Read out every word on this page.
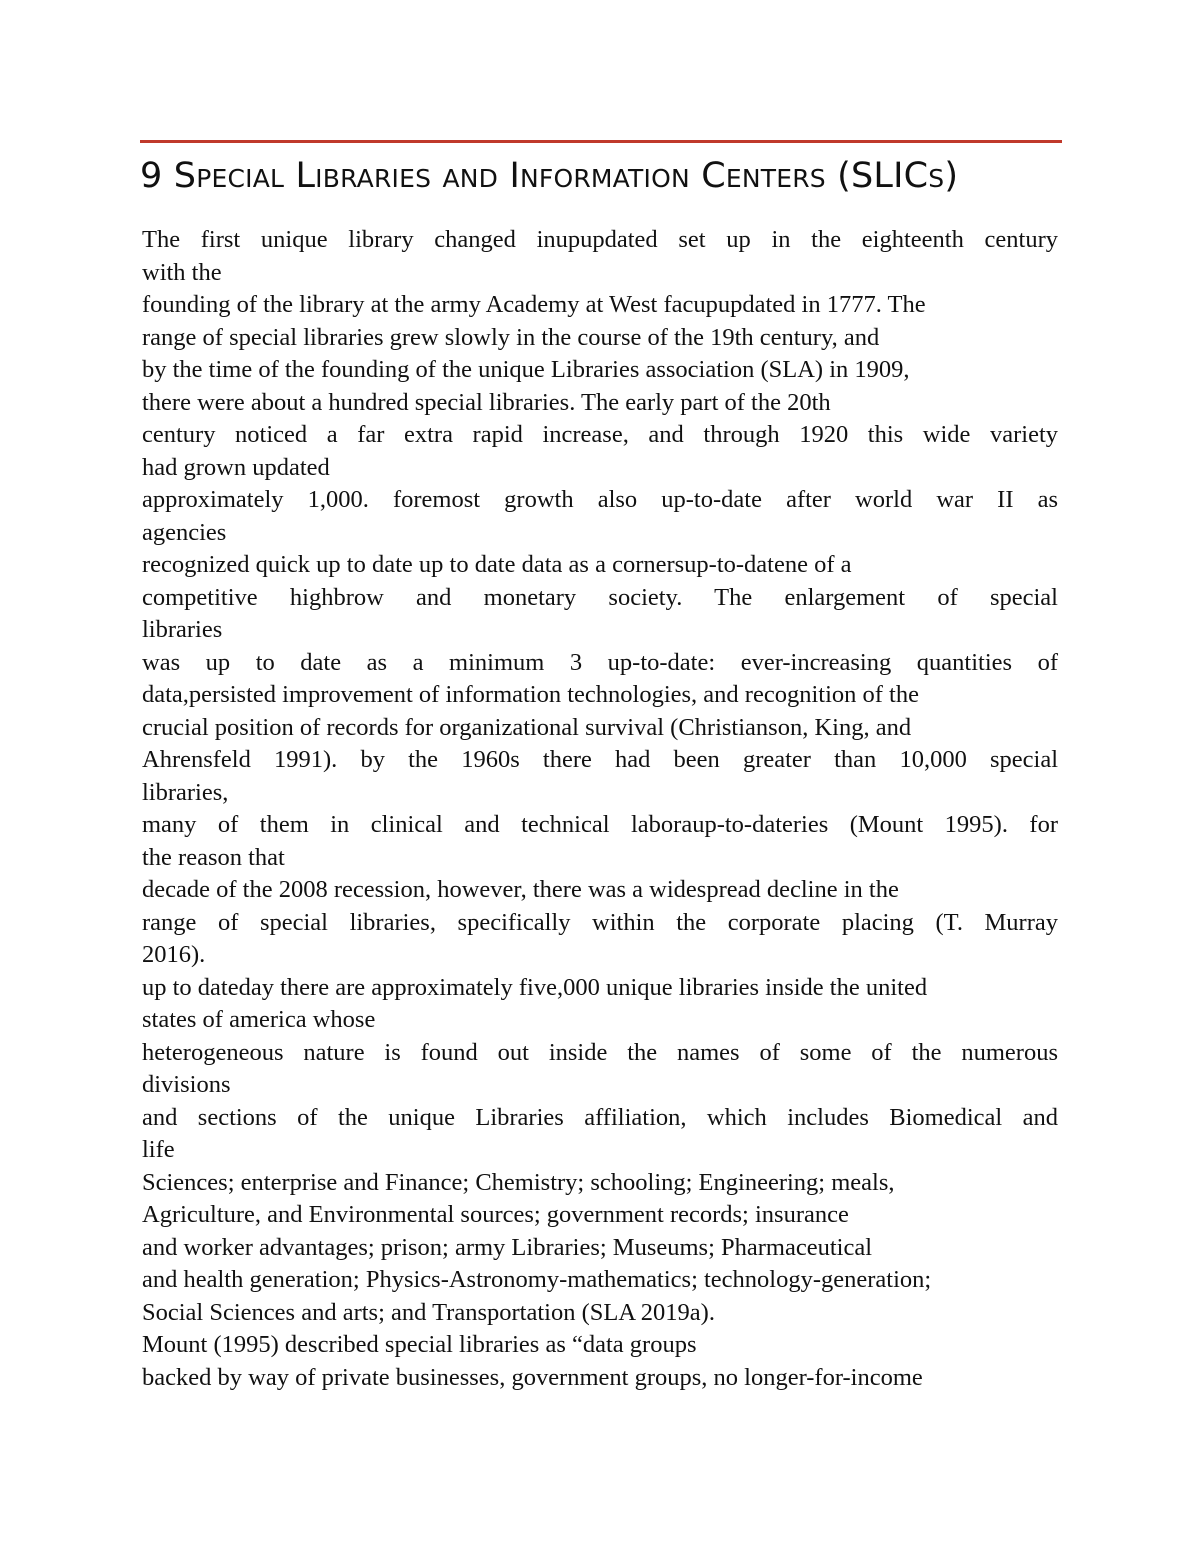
9 Special Libraries and Information Centers (SLICs)
The first unique library changed inupupdated set up in the eighteenth century
with the
founding of the library at the army Academy at West facupupdated in 1777. The
range of special libraries grew slowly in the course of the 19th century, and
by the time of the founding of the unique Libraries association (SLA) in 1909,
there were about a hundred special libraries. The early part of the 20th
century noticed a far extra rapid increase, and through 1920 this wide variety
had grown updated
approximately 1,000. foremost growth also up-to-date after world war II as
agencies
recognized quick up to date up to date data as a cornersup-to-datene of a
competitive highbrow and monetary society. The enlargement of special
libraries
was up to date as a minimum 3 up-to-date: ever-increasing quantities of
data,persisted improvement of information technologies, and recognition of the
crucial position of records for organizational survival (Christianson, King, and
Ahrensfeld 1991). by the 1960s there had been greater than 10,000 special
libraries,
many of them in clinical and technical laboraup-to-dateries (Mount 1995). for
the reason that
decade of the 2008 recession, however, there was a widespread decline in the
range of special libraries, specifically within the corporate placing (T. Murray
2016).
up to dateday there are approximately five,000 unique libraries inside the united
states of america whose
heterogeneous nature is found out inside the names of some of the numerous
divisions
and sections of the unique Libraries affiliation, which includes Biomedical and
life
Sciences; enterprise and Finance; Chemistry; schooling; Engineering; meals,
Agriculture, and Environmental sources; government records; insurance
and worker advantages; prison; army Libraries; Museums; Pharmaceutical
and health generation; Physics-Astronomy-mathematics; technology-generation;
Social Sciences and arts; and Transportation (SLA 2019a).
Mount (1995) described special libraries as “data groups
backed by way of private businesses, government groups, no longer-for-income
